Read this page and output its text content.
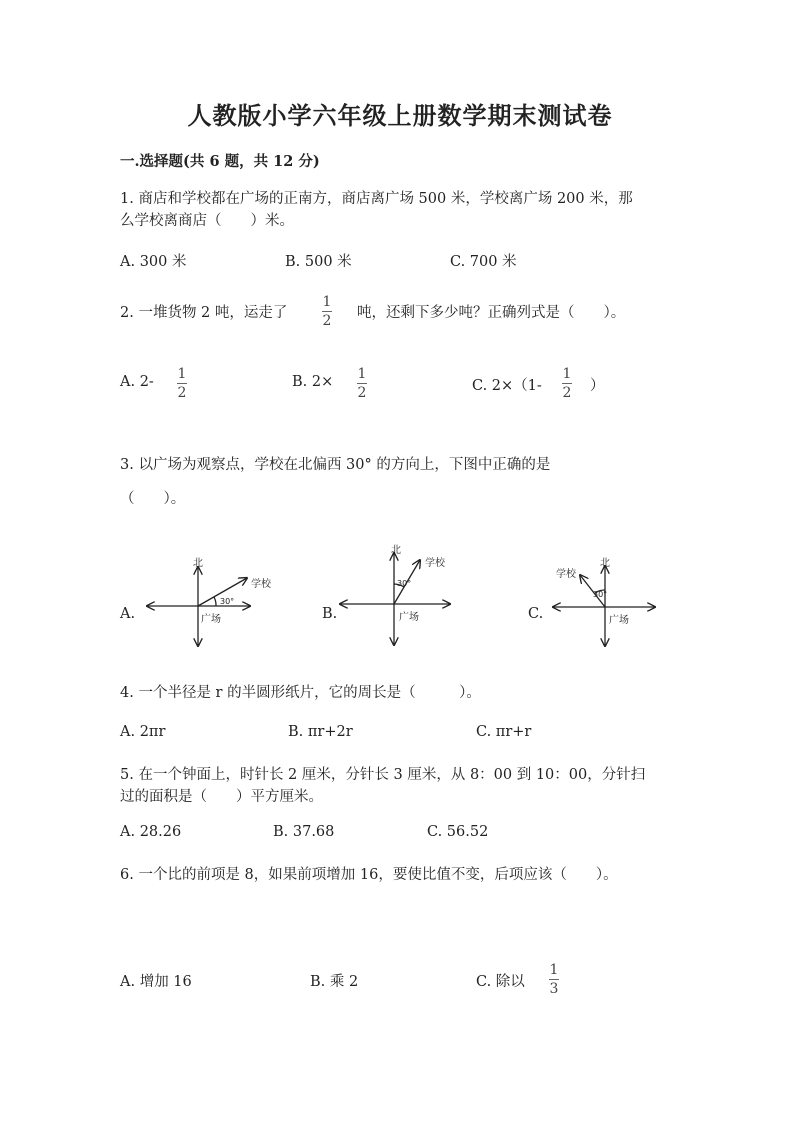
人教版小学六年级上册数学期末测试卷
一.选择题(共 6 题，共 12 分)
1. 商店和学校都在广场的正南方，商店离广场 500 米，学校离广场 200 米，那
么学校离商店（　　）米。
A. 300 米	B. 500 米	C. 700 米
2. 一堆货物 2 吨，运走了
1
2 吨，还剩下多少吨？正确列式是（　　）。
A. 2- 1
2
B. 2× 1
2	C. 2×（1-
1
2 ）
3. 以广场为观察点，学校在北偏西 30° 的方向上，下图中正确的是
（　　）。
A.	B.	C.
北
学校
30°
广场
北
学校
30°
广场
北
学校
30°
广场
4. 一个半径是 r 的半圆形纸片，它的周长是（　　　）。
A. 2πr	B. πr+2r	C. πr+r
5. 在一个钟面上，时针长 2 厘米，分针长 3 厘米，从 8：00 到 10：00，分针扫
过的面积是（　　）平方厘米。
A. 28.26	B. 37.68	C. 56.52
6. 一个比的前项是 8，如果前项增加 16，要使比值不变，后项应该（　　）。
A. 增加 16	B. 乘 2	C. 除以
1
3
